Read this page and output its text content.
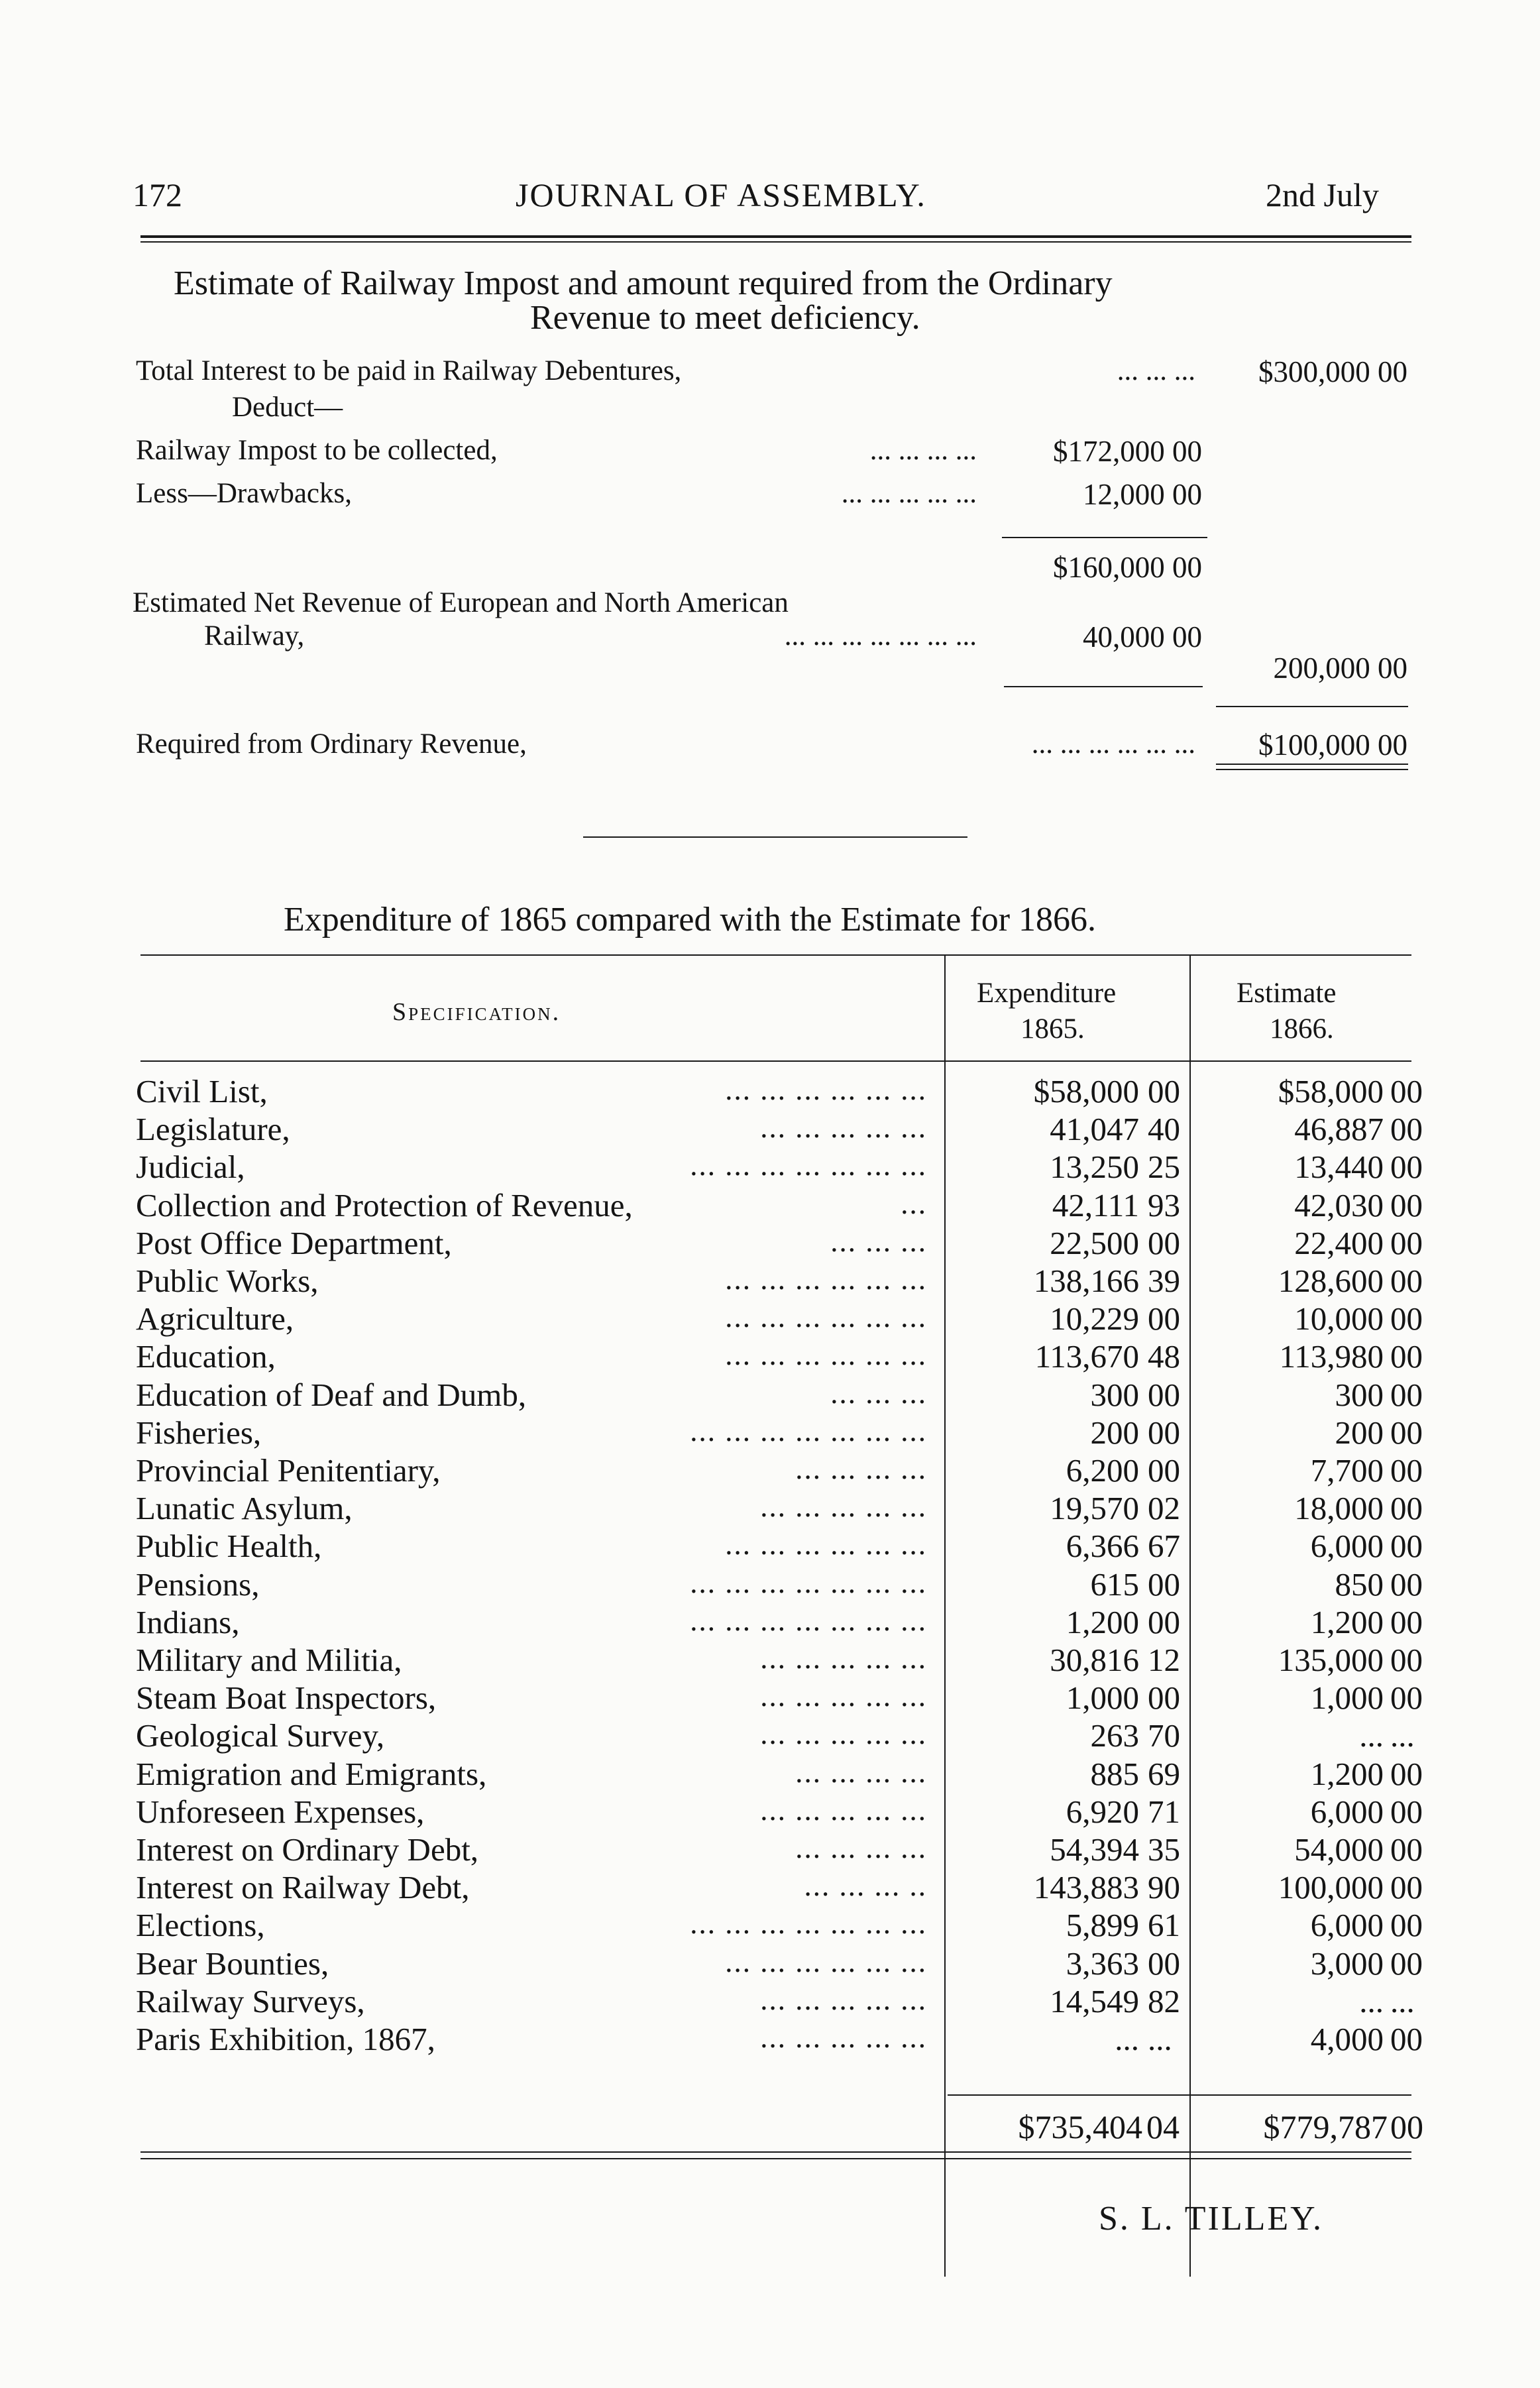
172	JOURNAL OF ASSEMBLY.	2nd July
Estimate of Railway Impost and amount required from the Ordinary
Revenue to meet deficiency.
Total Interest to be paid in Railway Debentures,	... ... ... $300,000 00
Deduct—
Railway Impost to be collected,	... ... ... ...	$172,000 00
Less—Drawbacks,	... ... ... ... ...	12,000 00
$160,000 00
Estimated Net Revenue of European and North American
Railway,	... ... ... ... ... ... ...	40,000 00
200,000 00
Required from Ordinary Revenue,	... ... ... ... ... ... $100,000 00
Expenditure of 1865 compared with the Estimate for 1866.
Specification.
Expenditure
1865.
Estimate
1866.
Civil List,	... ... ... ... ... ...	$58,000 00	$58,000 00
Legislature,	... ... ... ... ...	41,047 40	46,887 00
Judicial,	... ... ... ... ... ... ...	13,250 25	13,440 00
Collection and Protection of Revenue,	...	42,111 93	42,030 00
Post Office Department,	... ... ...	22,500 00	22,400 00
Public Works,	... ... ... ... ... ...	138,166 39	128,600 00
Agriculture,	... ... ... ... ... ...	10,229 00	10,000 00
Education,	... ... ... ... ... ...	113,670 48	113,980 00
Education of Deaf and Dumb,	... ... ...	300 00	300 00
Fisheries,	... ... ... ... ... ... ...	200 00	200 00
Provincial Penitentiary,	... ... ... ...	6,200 00	7,700 00
Lunatic Asylum,	... ... ... ... ...	19,570 02	18,000 00
Public Health,	... ... ... ... ... ...	6,366 67	6,000 00
Pensions,	... ... ... ... ... ... ...	615 00	850 00
Indians,	... ... ... ... ... ... ...	1,200 00	1,200 00
Military and Militia,	... ... ... ... ...	30,816 12	135,000 00
Steam Boat Inspectors,	... ... ... ... ...	1,000 00	1,000 00
Geological Survey,	... ... ... ... ...	263 70	... ...
Emigration and Emigrants,	... ... ... ...	885 69	1,200 00
Unforeseen Expenses,	... ... ... ... ...	6,920 71	6,000 00
Interest on Ordinary Debt,	... ... ... ...	54,394 35	54,000 00
Interest on Railway Debt,	... ... ... ..	143,883 90	100,000 00
Elections,	... ... ... ... ... ... ...	5,899 61	6,000 00
Bear Bounties,	... ... ... ... ... ...	3,363 00	3,000 00
Railway Surveys,	... ... ... ... ...	14,549 82	... ...
Paris Exhibition, 1867,	... ... ... ... ...	... ...	4,000 00
$735,404 04	$779,787 00
S. L. TILLEY.
